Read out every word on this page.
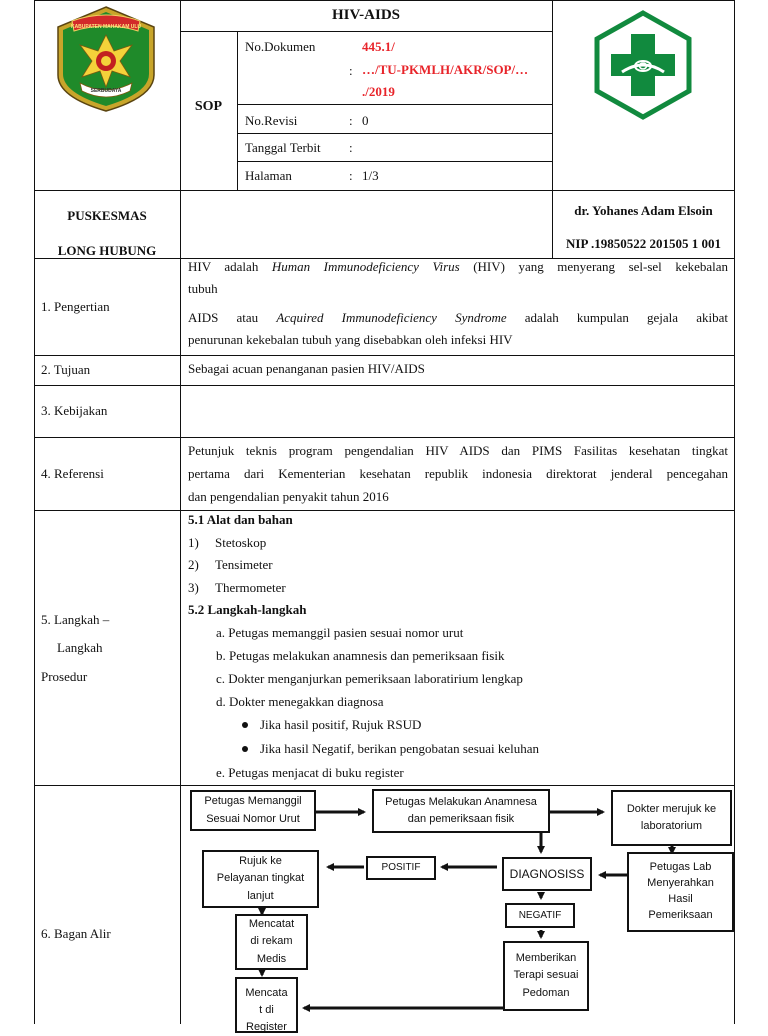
KABUPATEN MAHAKAM ULU
SERBUDAYA
HIV-AIDS
SOP
No.Dokumen
:
445.1/
…/TU-PKMLH/AKR/SOP/…
./2019
No.Revisi	: 0
Tanggal Terbit :
Halaman	: 1/3
PUSKESMAS
LONG HUBUNG
dr. Yohanes Adam Elsoin
NIP .19850522 201505 1 001
1. Pengertian
HIV adalah Human Immunodeficiency Virus (HIV) yang menyerang sel-sel kekebalan
tubuh
AIDS atau Acquired Immunodeficiency Syndrome adalah kumpulan gejala akibat
penurunan kekebalan tubuh yang disebabkan oleh infeksi HIV
2. Tujuan	Sebagai acuan penanganan pasien HIV/AIDS
3. Kebijakan
4. Referensi
Petunjuk teknis program pengendalian HIV AIDS dan PIMS Fasilitas kesehatan tingkat
pertama dari Kementerian kesehatan republik indonesia direktorat jenderal pencegahan
dan pengendalian penyakit tahun 2016
5. Langkah –
Langkah
Prosedur
5.1 Alat dan bahan
1) Stetoskop
2) Tensimeter
3) Thermometer
5.2 Langkah-langkah
a. Petugas memanggil pasien sesuai nomor urut
b. Petugas melakukan anamnesis dan pemeriksaan fisik
c. Dokter menganjurkan pemeriksaan laboratirium lengkap
d. Dokter menegakkan diagnosa
Jika hasil positif, Rujuk RSUD
Jika hasil Negatif, berikan pengobatan sesuai keluhan
e. Petugas menjacat di buku register
6. Bagan Alir
Petugas Memanggil
Sesuai Nomor Urut
Petugas Melakukan Anamnesa
dan pemeriksaan fisik
Dokter merujuk ke
laboratorium
Petugas Lab
Menyerahkan
Hasil
Pemeriksaan
DIAGNOSISS
POSITIF
NEGATIF
Rujuk ke
Pelayanan tingkat
lanjut
Mencatat
di rekam
Medis	Memberikan
Terapi sesuai
Pedoman
Mencata
t di
Register
